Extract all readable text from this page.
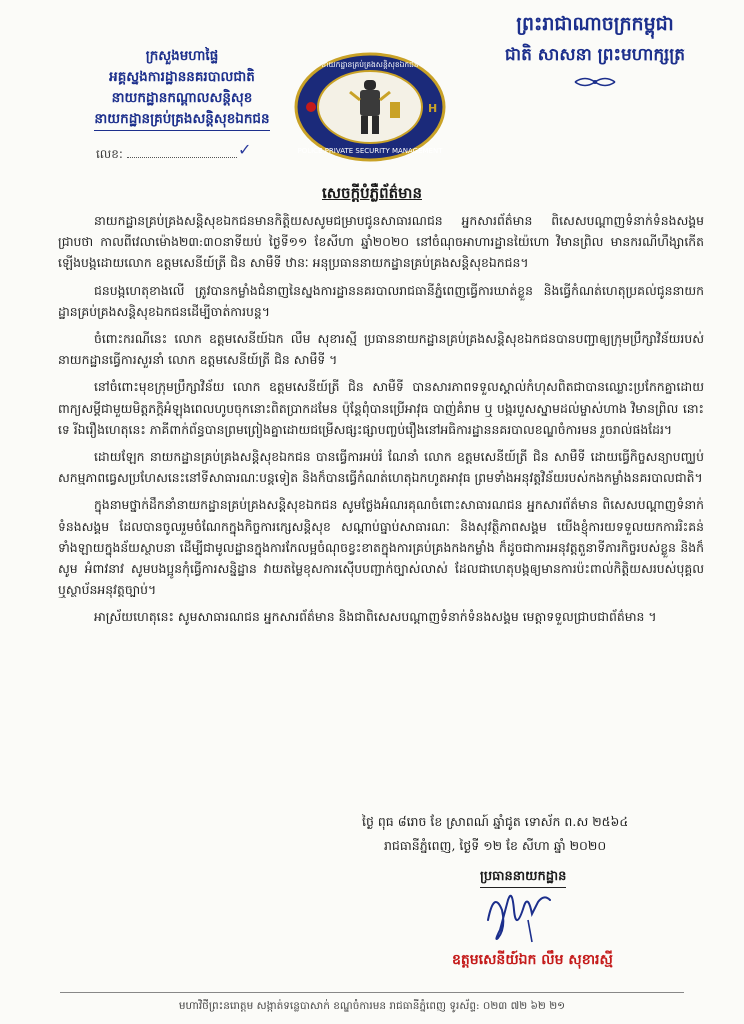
ព្រះរាជាណាចក្រកម្ពុជា
ជាតិ សាសនា ព្រះមហាក្សត្រ
ក្រសួងមហាផ្ទៃ
អគ្គស្នងការដ្ឋាននគរបាលជាតិ
នាយកដ្ឋានកណ្តាលសន្តិសុខ
នាយកដ្ឋានគ្រប់គ្រងសន្តិសុខឯកជន
លេខ:	✓
H
POLICE PRIVATE SECURITY MANAGEMENT
នាយកដ្ឋានគ្រប់គ្រងសន្តិសុខឯកជន
សេចក្តីបំភ្លឺព័ត៌មាន

នាយកដ្ឋានគ្រប់គ្រងសន្តិសុខឯកជនមានកិត្តិយសសូមជម្រាបជូនសាធារណជន អ្នកសារព័ត៌មាន ពិសេសបណ្តាញទំនាក់ទំនងសង្គម ជ្រាបថា កាលពីវេលាម៉ោង២៣:៣០នាទីយប់ ថ្ងៃទី១១ ខែសីហា ឆ្នាំ២០២០ នៅចំណុចអាហារដ្ឋានយ៉ៃហោ វិមានព្រិល មានករណីហឹង្សាកើតឡើងបង្កដោយលោក ឧត្តមសេនីយ៍ត្រី ជិន សាមឺទី ឋានៈ អនុប្រធាននាយកដ្ឋានគ្រប់គ្រងសន្តិសុខឯកជន។

ជនបង្កហេតុខាងលើ ត្រូវបានកម្លាំងជំនាញនៃស្នងការដ្ឋាននគរបាលរាជធានីភ្នំពេញធ្វើការឃាត់ខ្លួន និងធ្វើកំណត់ហេតុប្រគល់ជូននាយកដ្ឋានគ្រប់គ្រងសន្តិសុខឯកជនដើម្បីចាត់ការបន្ត។

ចំពោះករណីនេះ លោក ឧត្តមសេនីយ៍ឯក លឹម សុខារស្មី ប្រធាននាយកដ្ឋានគ្រប់គ្រងសន្តិសុខឯកជនបានបញ្ជាឲ្យក្រុមប្រឹក្សាវិន័យរបស់នាយកដ្ឋានធ្វើការសួរនាំ លោក ឧត្តមសេនីយ៍ត្រី ជិន សាមឺទី ។

នៅចំពោះមុខក្រុមប្រឹក្សាវិន័យ លោក ឧត្តមសេនីយ៍ត្រី ជិន សាមឺទី បានសារភាពទទួលស្គាល់កំហុសពិតជាបានឈ្លោះប្រកែកគ្នាដោយពាក្យសម្តីជាមួយមិត្តភក្តិអំឡុងពេលហូបចុកនោះពិតប្រាកដមែន ប៉ុន្តែពុំបានប្រើអាវុធ បាញ់គំរាម ឬ បង្ករបួសស្នាមដល់ម្ចាស់ហាង វិមានព្រិល នោះទេ រីឯរឿងហេតុនេះ ភាគីពាក់ព័ន្ធបានព្រមព្រៀងគ្នាដោយជម្រើសផ្សះផ្សាបញ្ចប់រឿងនៅអធិការដ្ឋាននគរបាលខណ្ឌចំការមន រួចរាល់ផងដែរ។

ដោយឡែក នាយកដ្ឋានគ្រប់គ្រងសន្តិសុខឯកជន បានធ្វើការអប់រំ ណែនាំ លោក ឧត្តមសេនីយ៍ត្រី ជិន សាមឺទី ដោយធ្វើកិច្ចសន្យាបញ្ឈប់សកម្មភាពធ្វេសប្រហែសនេះនៅទីសាធារណៈបន្តទៀត និងក៏បានធ្វើកំណត់ហេតុឯកហូតអាវុធ ព្រមទាំងអនុវត្តវិន័យរបស់កងកម្លាំងនគរបាលជាតិ។

ក្នុងនាមថ្នាក់ដឹកនាំនាយកដ្ឋានគ្រប់គ្រងសន្តិសុខឯកជន សូមថ្លែងអំណរគុណចំពោះសាធារណជន អ្នកសារព័ត៌មាន ពិសេសបណ្តាញទំនាក់ទំនងសង្គម ដែលបានចូលរួមចំណែកក្នុងកិច្ចការក្សេសន្តិសុខ សណ្តាប់ធ្នាប់សាធារណៈ និងសុវត្ថិភាពសង្គម យើងខ្ញុំការយទទួលយកការរិះគន់ទាំងឡាយក្នុងន័យស្ថាបនា ដើម្បីជាមូលដ្ឋានក្នុងការកែលម្អចំណុចខ្វះខាតក្នុងការគ្រប់គ្រងកងកម្លាំង ក៏ដូចជាការអនុវត្តតួនាទីភារកិច្ចរបស់ខ្លួន និងក៏សូម អំពាវនាវ សូមបងប្អូនកុំធ្វើការសន្និដ្ឋាន វាយតម្លៃខុសការស៊ើបបញ្ជាក់ច្បាស់លាស់ ដែលជាហេតុបង្កឲ្យមានការប៉ះពាល់កិត្តិយសរបស់បុគ្គល ឬស្ថាប័នអនុវត្តច្បាប់។

អាស្រ័យហេតុនេះ សូមសាធារណជន អ្នកសារព័ត៌មាន និងជាពិសេសបណ្តាញទំនាក់ទំនងសង្គម មេត្តាទទួលជ្រាបជាព័ត៌មាន ។

ថ្ងៃ ពុធ ៨រោច ខែ ស្រាពណ៍ ឆ្នាំជូត ទោស័ក ព.ស ២៥៦៤
រាជធានីភ្នំពេញ, ថ្ងៃទី ១២ ខែ សីហា ឆ្នាំ ២០២០
ប្រធាននាយកដ្ឋាន
ឧត្តមសេនីយ៍ឯក លឹម សុខារស្មី
មហាវិថីព្រះនរោត្តម សង្កាត់ទន្លេបាសាក់ ខណ្ឌចំការមន រាជធានីភ្នំពេញ ទូរស័ព្ទ: ០២៣ ៧២ ៦២ ២១
